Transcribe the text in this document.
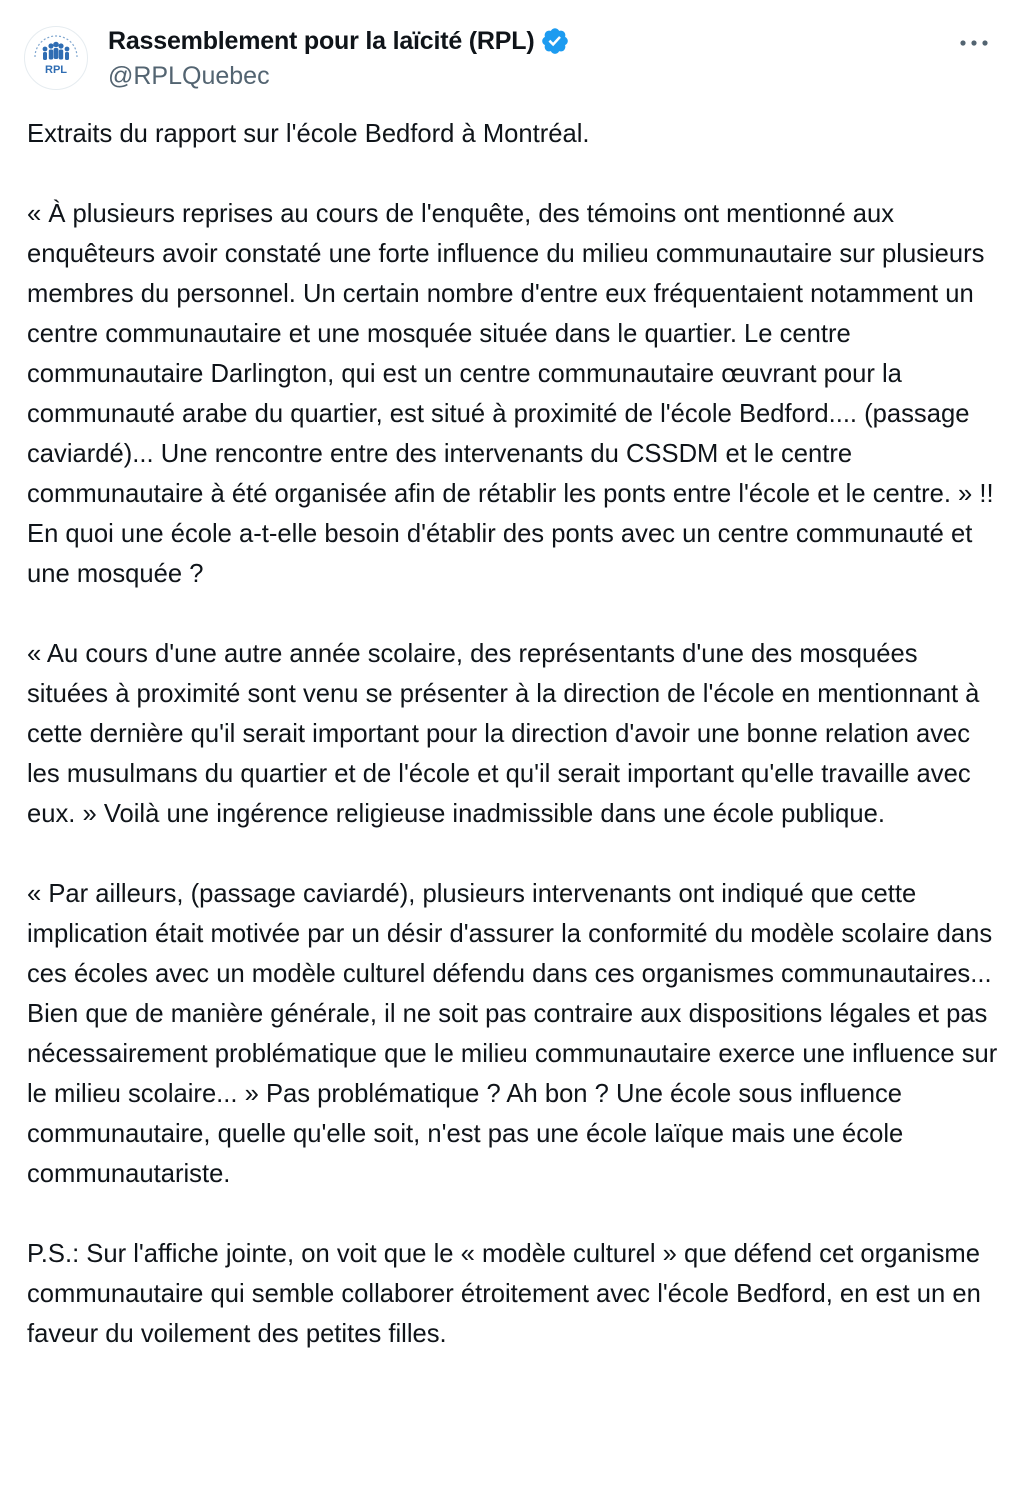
RPL
Rassemblement pour la laïcité (RPL)
@RPLQuebec

Extraits du rapport sur l'école Bedford à Montréal.

« À plusieurs reprises au cours de l'enquête, des témoins ont mentionné aux enquêteurs avoir constaté une forte influence du milieu communautaire sur plusieurs membres du personnel. Un certain nombre d'entre eux fréquentaient notamment un centre communautaire et une mosquée située dans le quartier. Le centre communautaire Darlington, qui est un centre communautaire œuvrant pour la communauté arabe du quartier, est situé à proximité de l'école Bedford.... (passage caviardé)... Une rencontre entre des intervenants du CSSDM et le centre communautaire à été organisée afin de rétablir les ponts entre l'école et le centre. » !! En quoi une école a-t-elle besoin d'établir des ponts avec un centre communauté et une mosquée ?

« Au cours d'une autre année scolaire, des représentants d'une des mosquées situées à proximité sont venu se présenter à la direction de l'école en mentionnant à cette dernière qu'il serait important pour la direction d'avoir une bonne relation avec les musulmans du quartier et de l'école et qu'il serait important qu'elle travaille avec eux. » Voilà une ingérence religieuse inadmissible dans une école publique.

« Par ailleurs, (passage caviardé), plusieurs intervenants ont indiqué que cette implication était motivée par un désir d'assurer la conformité du modèle scolaire dans ces écoles avec un modèle culturel défendu dans ces organismes communautaires... Bien que de manière générale, il ne soit pas contraire aux dispositions légales et pas nécessairement problématique que le milieu communautaire exerce une influence sur le milieu scolaire... » Pas problématique ? Ah bon ? Une école sous influence communautaire, quelle qu'elle soit, n'est pas une école laïque mais une école communautariste.

P.S.: Sur l'affiche jointe, on voit que le « modèle culturel » que défend cet organisme communautaire qui semble collaborer étroitement avec l'école Bedford, en est un en faveur du voilement des petites filles.
